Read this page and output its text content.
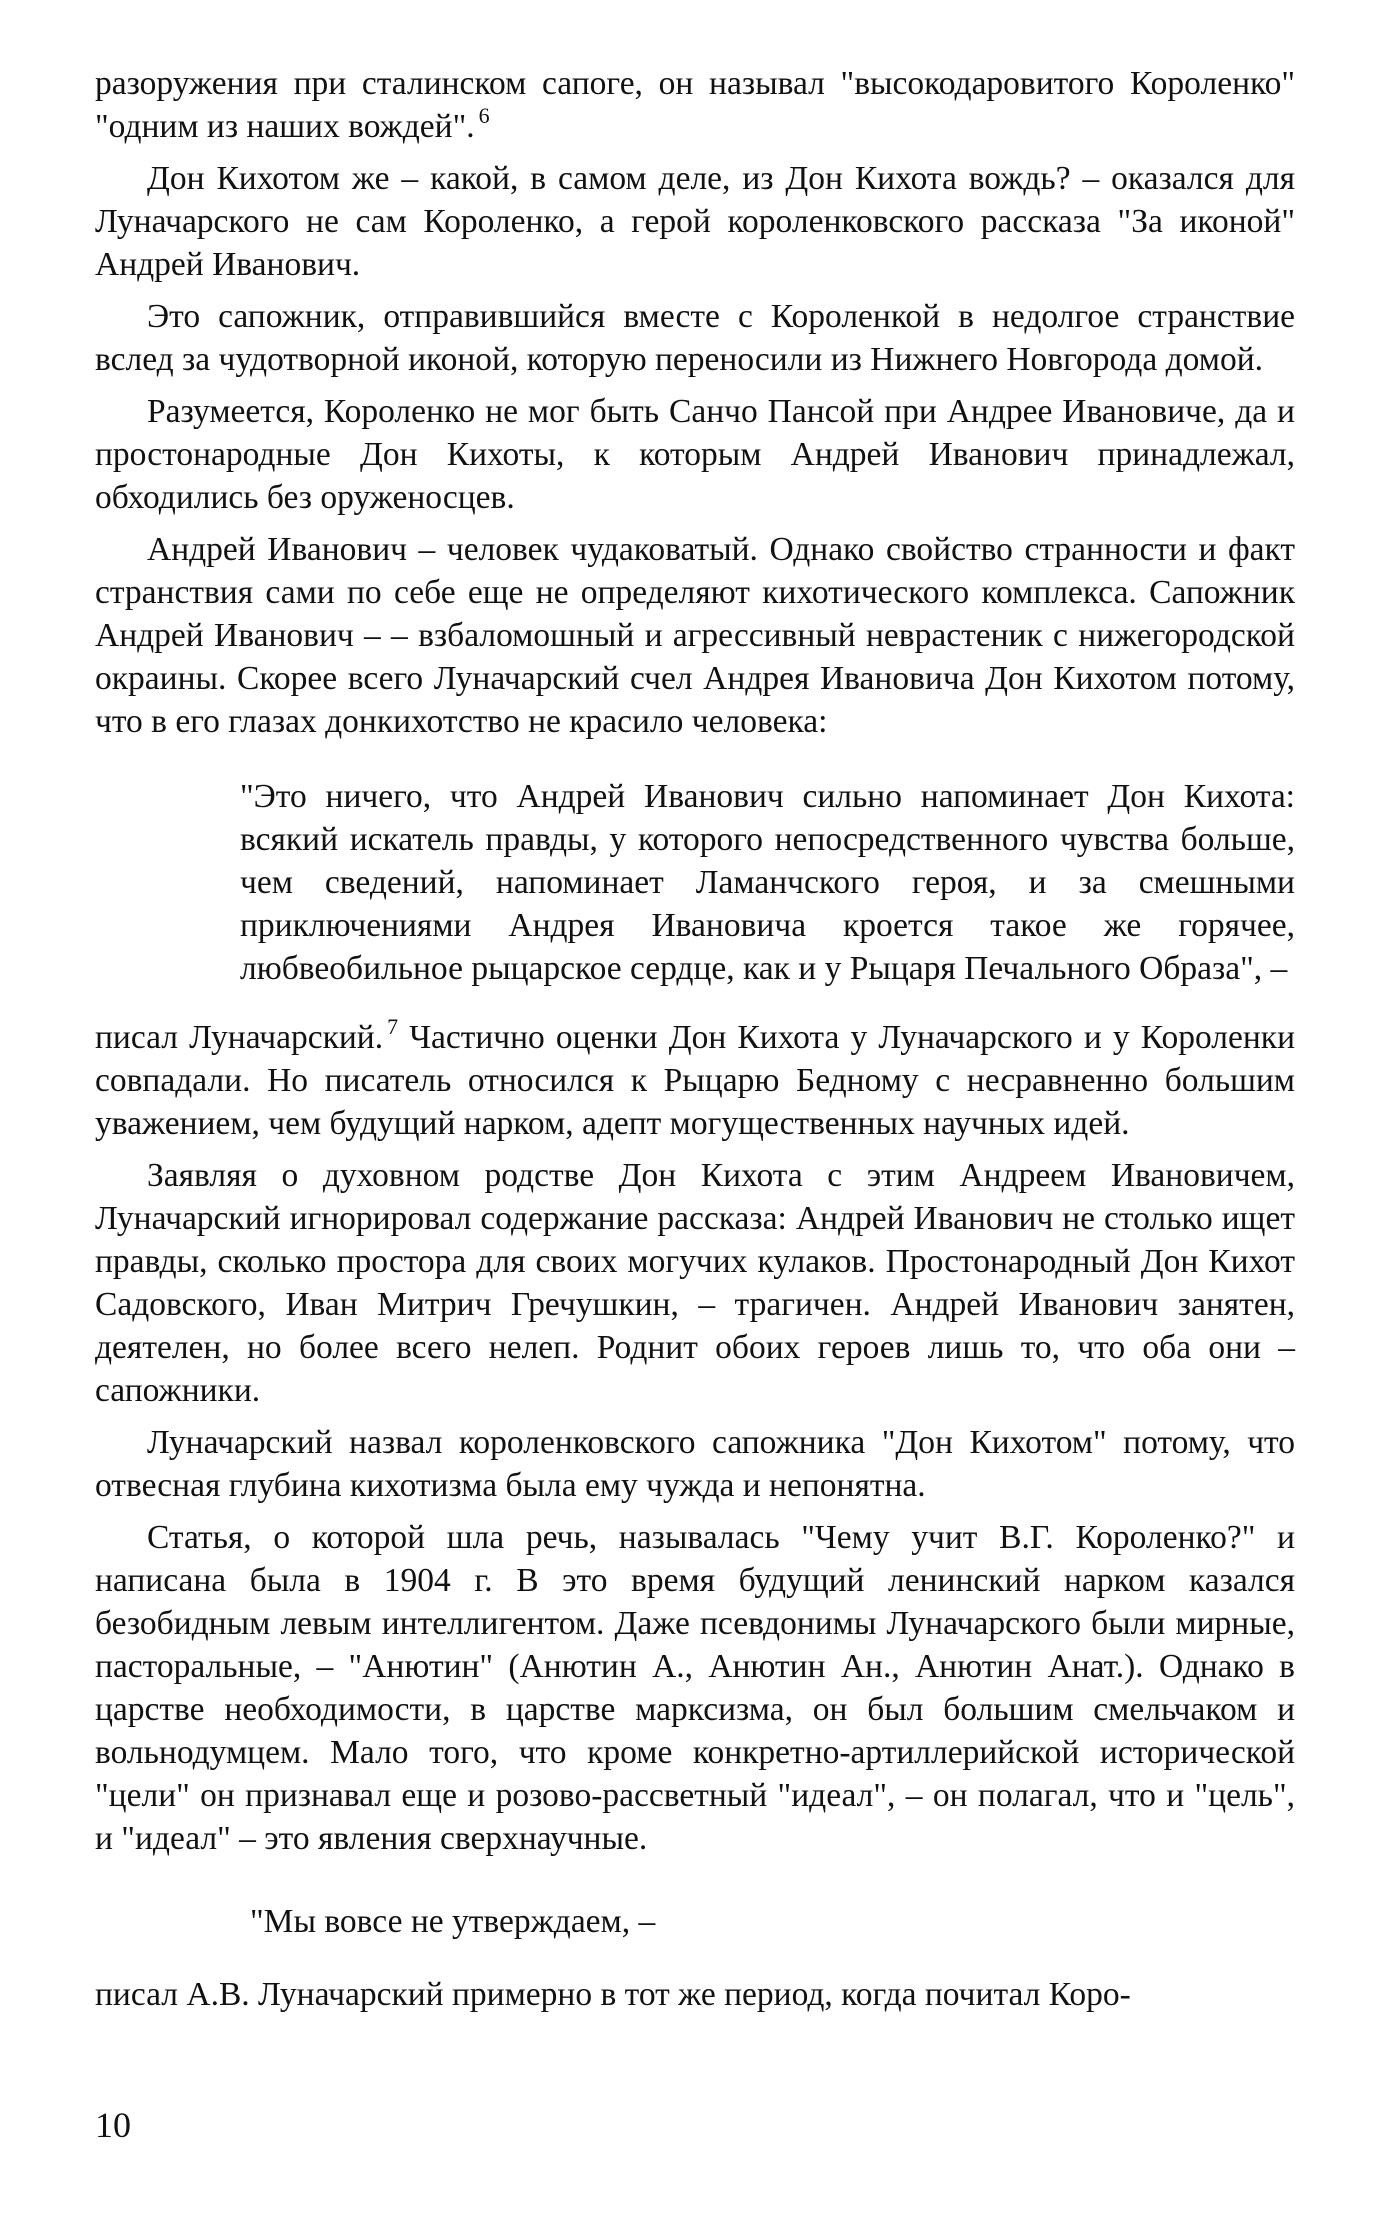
разоружения при сталинском сапоге, он называл "высокодаровитого Короленко" "одним из наших вождей". $^6$

Дон Кихотом же – какой, в самом деле, из Дон Кихота вождь? – оказался для Луначарского не сам Короленко, а герой короленковского рассказа "За иконой" Андрей Иванович.

Это сапожник, отправившийся вместе с Короленкой в недолгое странствие вслед за чудотворной иконой, которую переносили из Нижнего Новгорода домой.

Разумеется, Короленко не мог быть Санчо Пансой при Андрее Ивановиче, да и простонародные Дон Кихоты, к которым Андрей Иванович принадлежал, обходились без оруженосцев.

Андрей Иванович – человек чудаковатый. Однако свойство странности и факт странствия сами по себе еще не определяют кихотического комплекса. Сапожник Андрей Иванович – – взбаломошный и агрессивный неврастеник с нижегородской окраины. Скорее всего Луначарский счел Андрея Ивановича Дон Кихотом потому, что в его глазах донкихотство не красило человека:

"Это ничего, что Андрей Иванович сильно напоминает Дон Кихота: всякий искатель правды, у которого непосредственного чувства больше, чем сведений, напоминает Ламанчского героя, и за смешными приключениями Андрея Ивановича кроется такое же горячее, любвеобильное рыцарское сердце, как и у Рыцаря Печального Образа", –

писал Луначарский. $^7$ Частично оценки Дон Кихота у Луначарского и у Короленки совпадали. Но писатель относился к Рыцарю Бедному с несравненно большим уважением, чем будущий нарком, адепт могущественных научных идей.

Заявляя о духовном родстве Дон Кихота с этим Андреем Ивановичем, Луначарский игнорировал содержание рассказа: Андрей Иванович не столько ищет правды, сколько простора для своих могучих кулаков. Простонародный Дон Кихот Садовского, Иван Митрич Гречушкин, – трагичен. Андрей Иванович занятен, деятелен, но более всего нелеп. Роднит обоих героев лишь то, что оба они – сапожники.

Луначарский назвал короленковского сапожника "Дон Кихотом" потому, что отвесная глубина кихотизма была ему чужда и непонятна.

Статья, о которой шла речь, называлась "Чему учит В.Г. Короленко?" и написана была в 1904 г. В это время будущий ленинский нарком казался безобидным левым интеллигентом. Даже псевдонимы Луначарского были мирные, пасторальные, – "Анютин" (Анютин А., Анютин Ан., Анютин Анат.). Однако в царстве необходимости, в царстве марксизма, он был большим смельчаком и вольнодумцем. Мало того, что кроме конкретно-артиллерийской исторической "цели" он признавал еще и розово-рассветный "идеал", – он полагал, что и "цель", и "идеал" – это явления сверхнаучные.

"Мы вовсе не утверждаем, –

писал А.В. Луначарский примерно в тот же период, когда почитал Коро-

10
